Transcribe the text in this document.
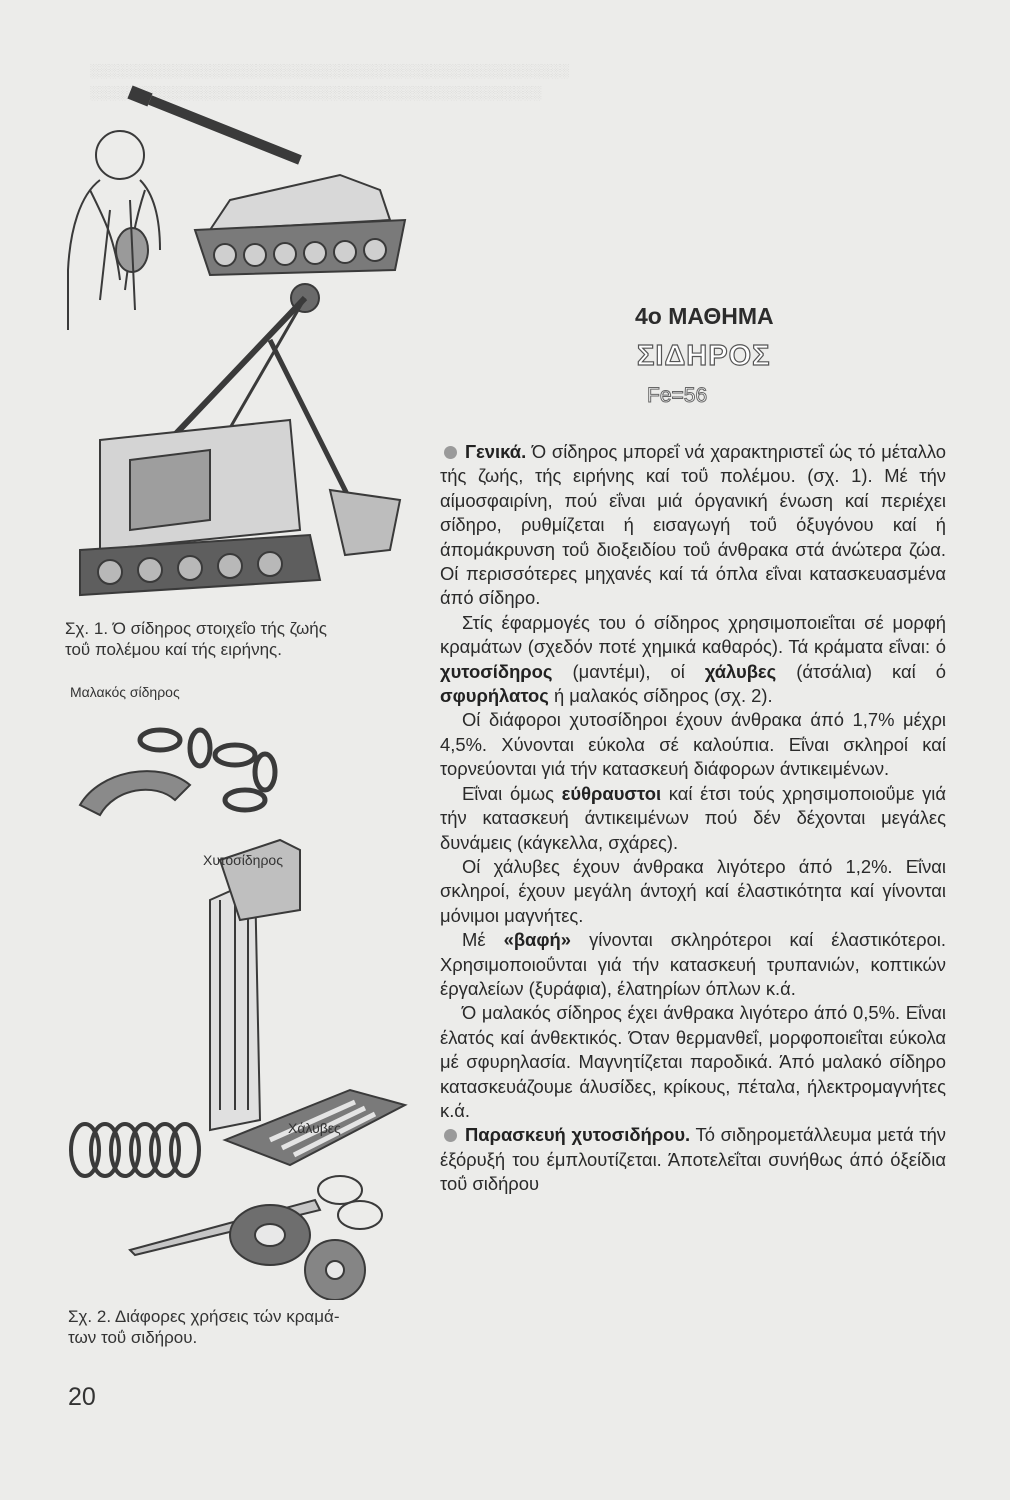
░░░░░░░░░░░░░░░░░░░░░░░░░░░░░░░░░░░░░░░░░░░░░░░░░░░░
░░░░░░░░░░░░░░░░░░░░░░░░░░░░░░░░░░░░░░░░░░░░░░░░░

Σχ. 1. Ό σίδηρος στοιχεΐο τής ζωής
τοΰ πολέμου καί τής ειρήνης.
Μαλακός σίδηρος
Χυτοσίδηρος
Χάλυβες
Σχ. 2. Διάφορες χρήσεις τών κραμά-
των τοΰ σιδήρου.
4ο ΜΑΘΗΜΑ
ΣΙΔΗΡΟΣ
Fe=56

Γενικά. Ό σίδηρος μπορεΐ νά χαρακτηριστεΐ ώς τό μέταλλο τής ζωής, τής ειρήνης καί τοΰ πολέμου. (σχ. 1). Μέ τήν αίμοσφαιρίνη, πού εΐναι μιά όργανική ένωση καί περιέχει σίδηρο, ρυθμίζεται ή εισαγωγή τοΰ όξυγόνου καί ή άπομάκρυνση τοΰ διοξειδίου τοΰ άνθρακα στά άνώτερα ζώα. Οί περισσότερες μηχανές καί τά όπλα εΐναι κατασκευασμένα άπό σίδηρο.

Στίς έφαρμογές του ό σίδηρος χρησιμοποιεΐται σέ μορφή κραμάτων (σχεδόν ποτέ χημικά καθαρός). Τά κράματα εΐναι: ό χυτοσίδηρος (μαντέμι), οί χάλυβες (άτσάλια) καί ό σφυρήλατος ή μαλακός σίδηρος (σχ. 2).

Οί διάφοροι χυτοσίδηροι έχουν άνθρακα άπό 1,7% μέχρι 4,5%. Χύνονται εύκολα σέ καλούπια. Εΐναι σκληροί καί τορνεύονται γιά τήν κατασκευή διάφορων άντικειμένων.

Εΐναι όμως εύθραυστοι καί έτσι τούς χρησιμοποιοΰμε γιά τήν κατασκευή άντικειμένων πού δέν δέχονται μεγάλες δυνάμεις (κάγκελλα, σχάρες).

Οί χάλυβες έχουν άνθρακα λιγότερο άπό 1,2%. Εΐναι σκληροί, έχουν μεγάλη άντοχή καί έλαστικότητα καί γίνονται μόνιμοι μαγνήτες.

Μέ «βαφή» γίνονται σκληρότεροι καί έλαστικότεροι. Χρησιμοποιοΰνται γιά τήν κατασκευή τρυπανιών, κοπτικών έργαλείων (ξυράφια), έλατηρίων όπλων κ.ά.

Ό μαλακός σίδηρος έχει άνθρακα λιγότερο άπό 0,5%. Εΐναι έλατός καί άνθεκτικός. Όταν θερμανθεΐ, μορφοποιεΐται εύκολα μέ σφυρηλασία. Μαγνητίζεται παροδικά. Άπό μαλακό σίδηρο κατασκευάζουμε άλυσίδες, κρίκους, πέταλα, ήλεκτρομαγνήτες κ.ά.

Παρασκευή χυτοσιδήρου. Τό σιδηρομετάλλευμα μετά τήν έξόρυξή του έμπλουτίζεται. Άποτελεΐται συνήθως άπό όξείδια τοΰ σιδήρου

20
